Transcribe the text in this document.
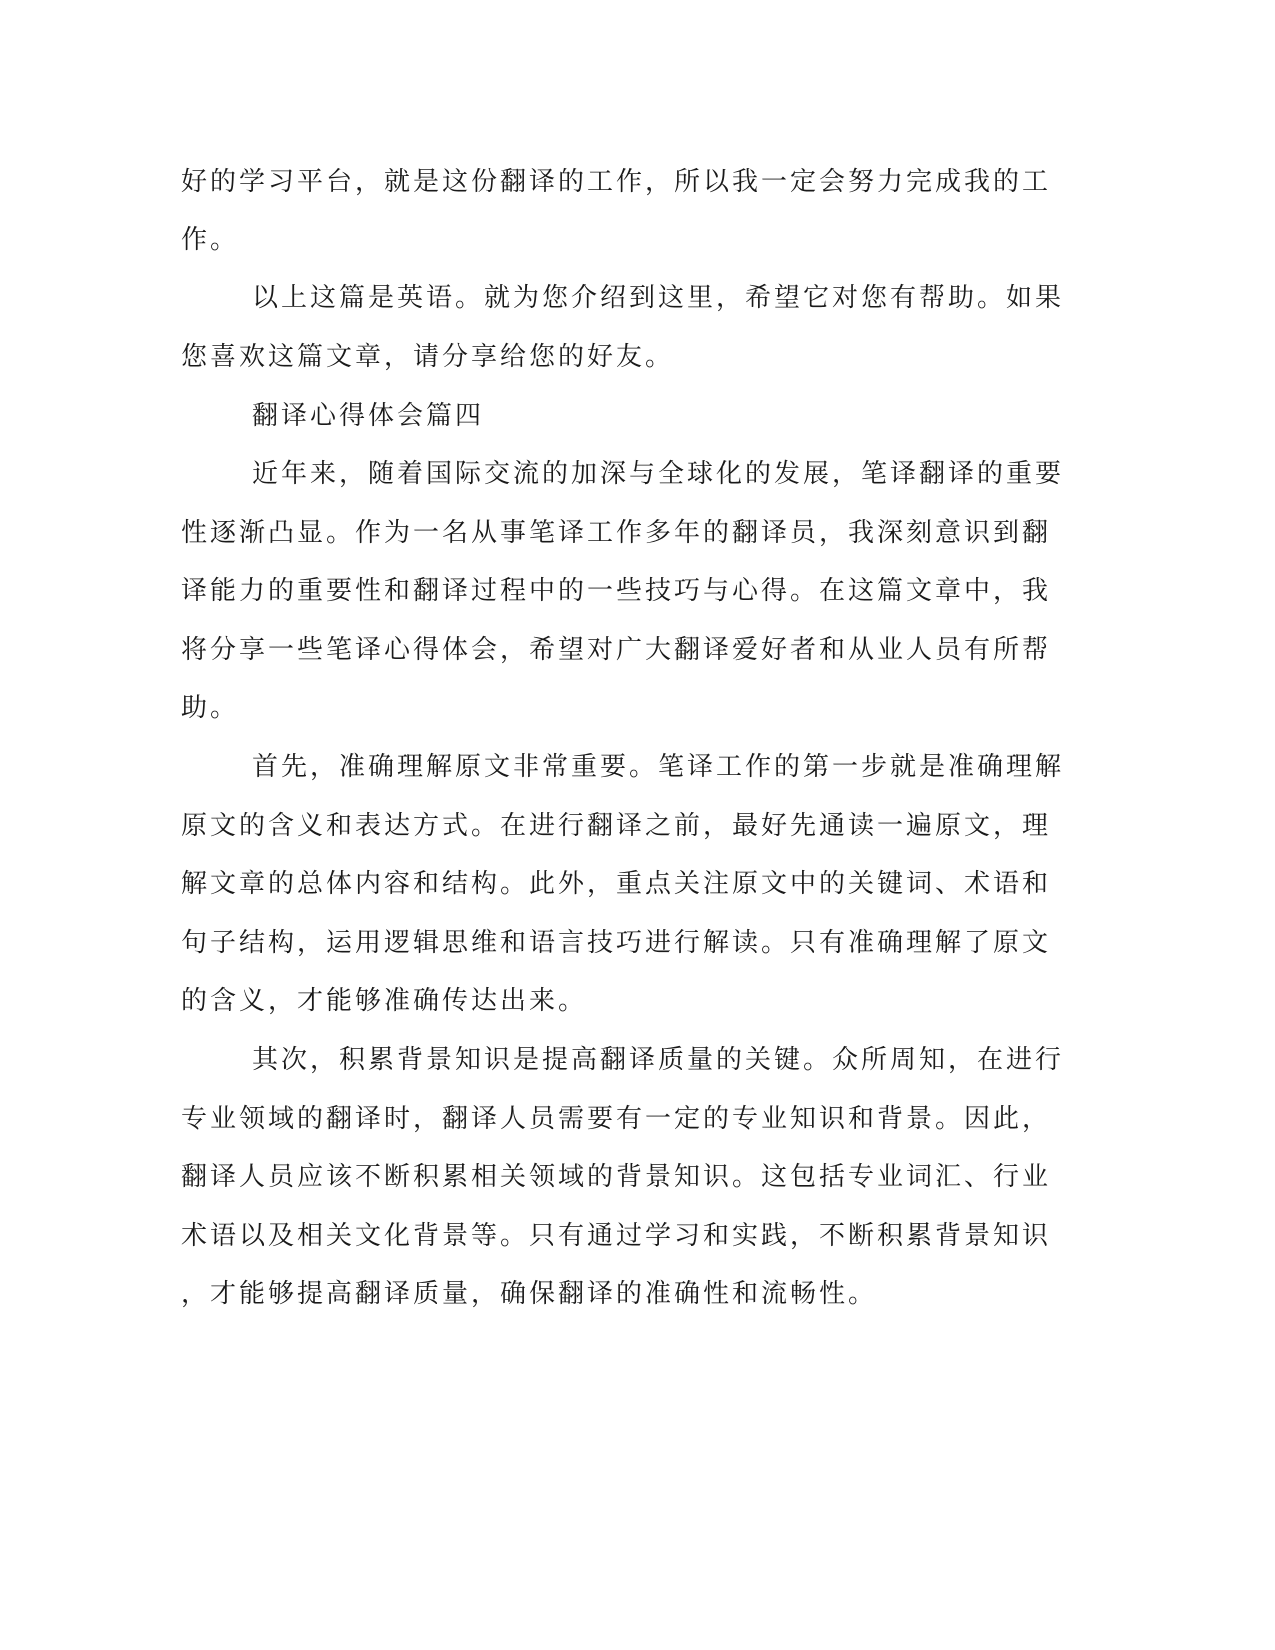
好的学习平台，就是这份翻译的工作，所以我一定会努力完成我的工

作。

以上这篇是英语。就为您介绍到这里，希望它对您有帮助。如果

您喜欢这篇文章，请分享给您的好友。

翻译心得体会篇四

近年来，随着国际交流的加深与全球化的发展，笔译翻译的重要

性逐渐凸显。作为一名从事笔译工作多年的翻译员，我深刻意识到翻

译能力的重要性和翻译过程中的一些技巧与心得。在这篇文章中，我

将分享一些笔译心得体会，希望对广大翻译爱好者和从业人员有所帮

助。

首先，准确理解原文非常重要。笔译工作的第一步就是准确理解

原文的含义和表达方式。在进行翻译之前，最好先通读一遍原文，理

解文章的总体内容和结构。此外，重点关注原文中的关键词、术语和

句子结构，运用逻辑思维和语言技巧进行解读。只有准确理解了原文

的含义，才能够准确传达出来。

其次，积累背景知识是提高翻译质量的关键。众所周知，在进行

专业领域的翻译时，翻译人员需要有一定的专业知识和背景。因此，

翻译人员应该不断积累相关领域的背景知识。这包括专业词汇、行业

术语以及相关文化背景等。只有通过学习和实践，不断积累背景知识

，才能够提高翻译质量，确保翻译的准确性和流畅性。
